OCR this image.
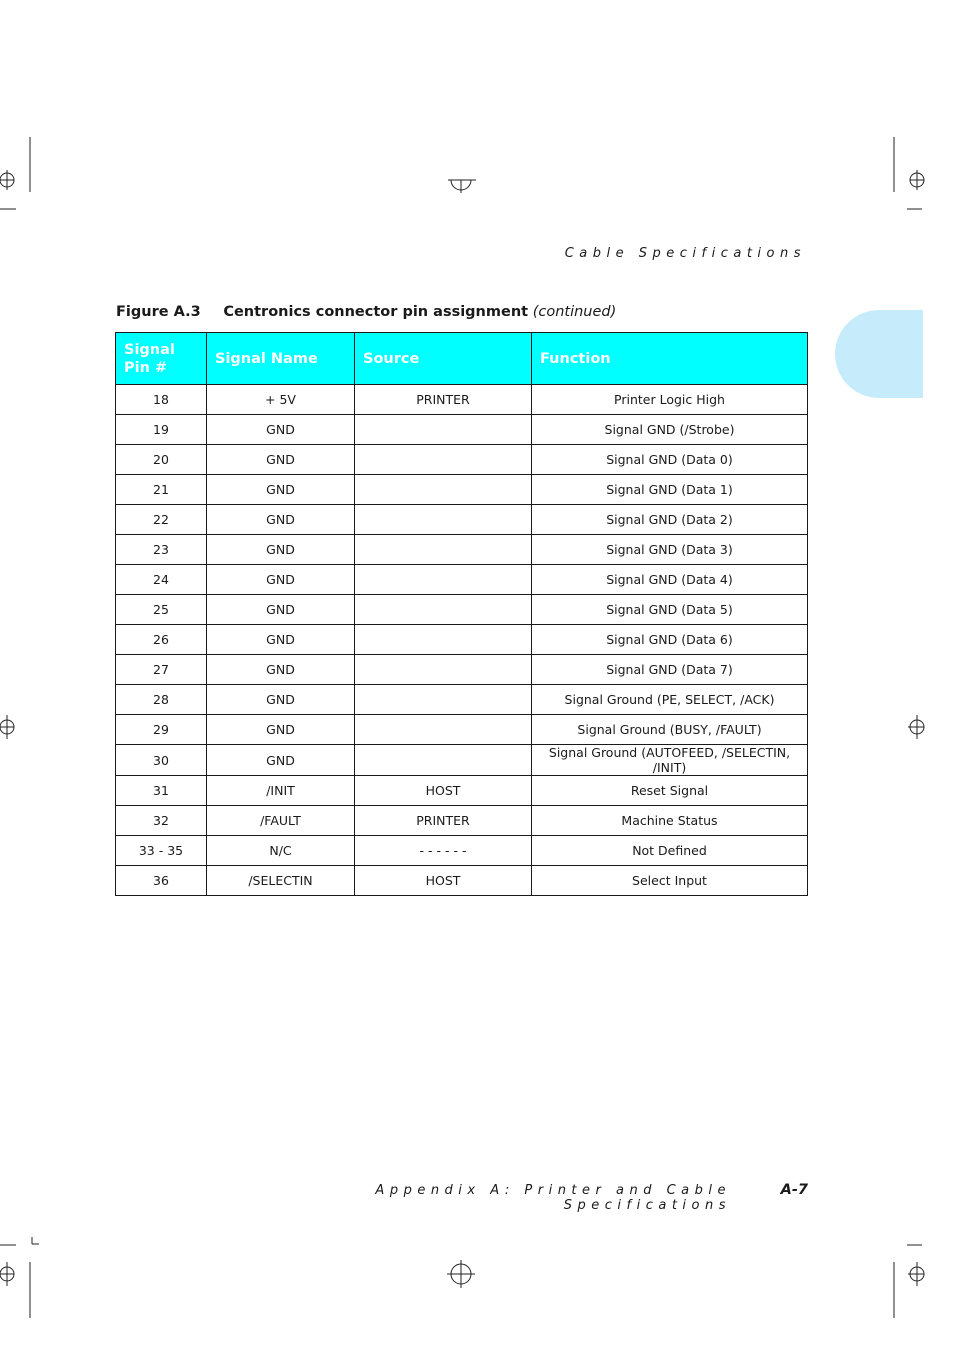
Cable Specifications
Figure A.3 Centronics connector pin assignment (continued)
Signal Pin #	Signal Name	Source	Function
18	+ 5V	PRINTER	Printer Logic High
19	GND		Signal GND (/Strobe)
20	GND		Signal GND (Data 0)
21	GND		Signal GND (Data 1)
22	GND		Signal GND (Data 2)
23	GND		Signal GND (Data 3)
24	GND		Signal GND (Data 4)
25	GND		Signal GND (Data 5)
26	GND		Signal GND (Data 6)
27	GND		Signal GND (Data 7)
28	GND		Signal Ground (PE, SELECT, /ACK)
29	GND		Signal Ground (BUSY, /FAULT)
30	GND		Signal Ground (AUTOFEED, /SELECTIN, /INIT)
31	/INIT	HOST	Reset Signal
32	/FAULT	PRINTER	Machine Status
33 - 35	N/C	- - - - - -	Not Defined
36	/SELECTIN	HOST	Select Input
Appendix A: Printer and Cable Specifications
A-7
